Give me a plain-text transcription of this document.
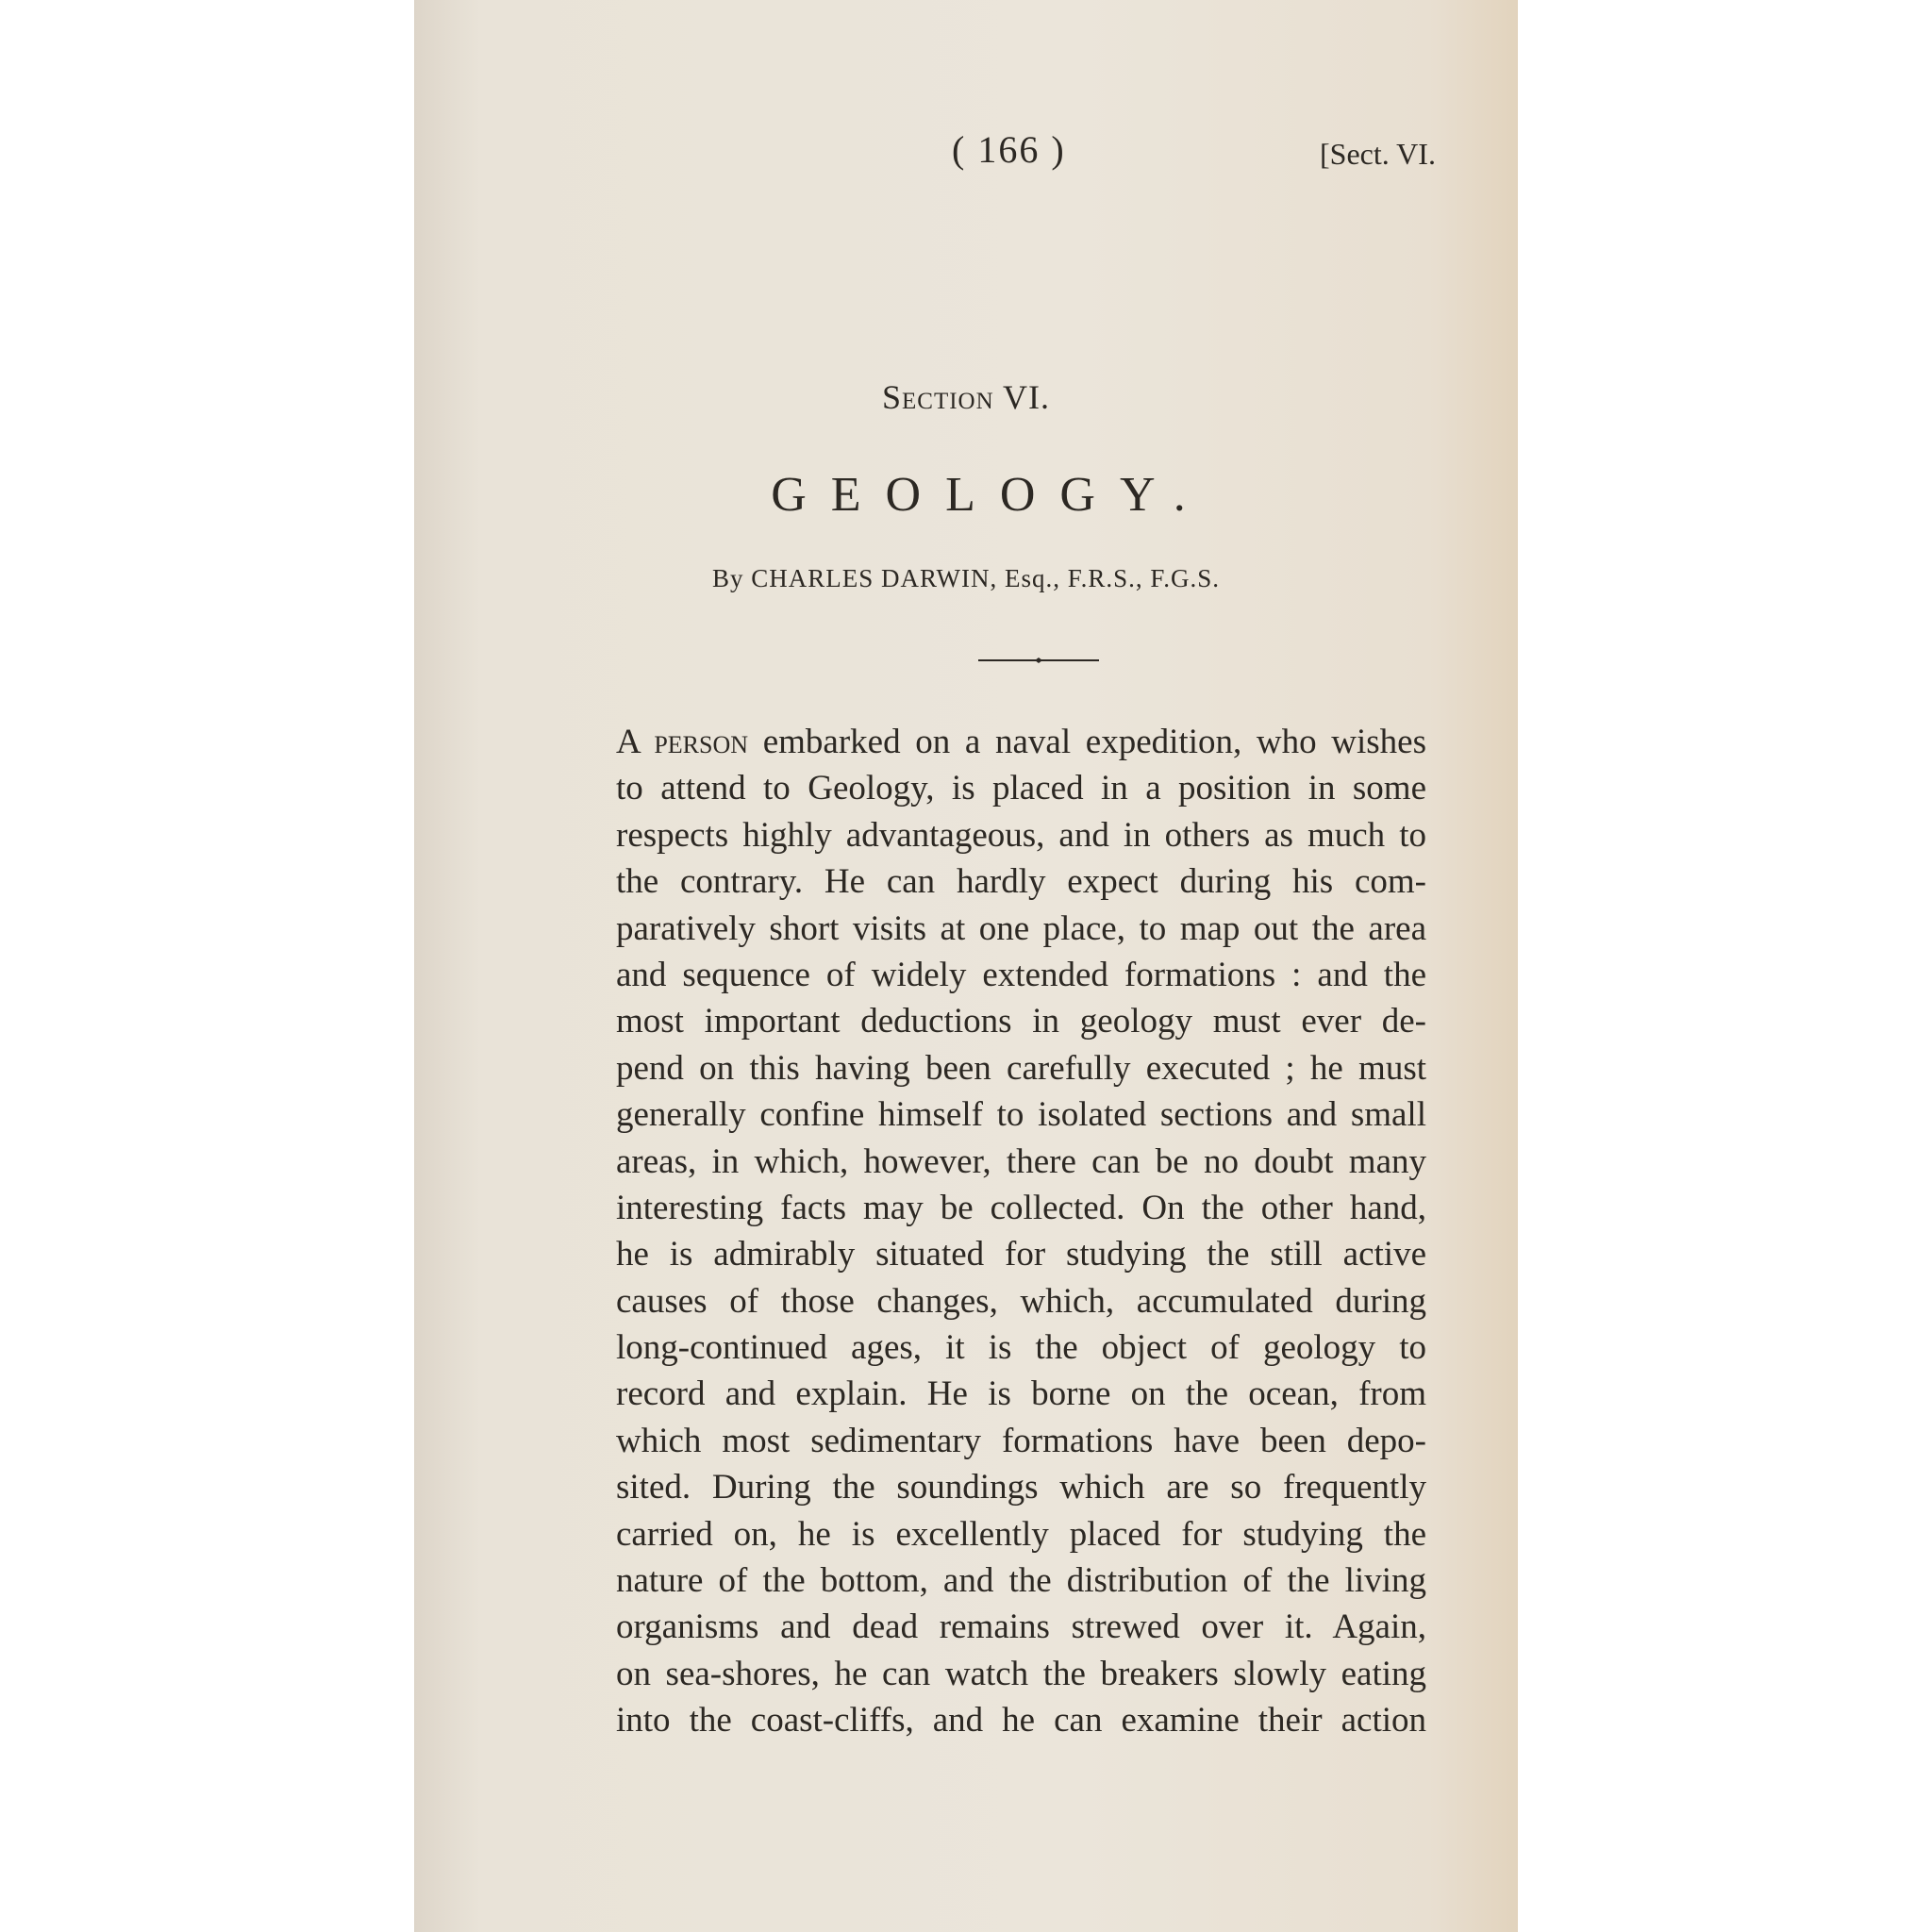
( 166 )	[Sect. VI.
Section VI.
GEOLOGY.
By CHARLES DARWIN, Esq., F.R.S., F.G.S.
A person embarked on a naval expedition, who wishes
to attend to Geology, is placed in a position in some
respects highly advantageous, and in others as much to
the contrary. He can hardly expect during his com-
paratively short visits at one place, to map out the area
and sequence of widely extended formations : and the
most important deductions in geology must ever de-
pend on this having been carefully executed ; he must
generally confine himself to isolated sections and small
areas, in which, however, there can be no doubt many
interesting facts may be collected. On the other hand,
he is admirably situated for studying the still active
causes of those changes, which, accumulated during
long-continued ages, it is the object of geology to
record and explain. He is borne on the ocean, from
which most sedimentary formations have been depo-
sited. During the soundings which are so frequently
carried on, he is excellently placed for studying the
nature of the bottom, and the distribution of the living
organisms and dead remains strewed over it. Again,
on sea-shores, he can watch the breakers slowly eating
into the coast-cliffs, and he can examine their action
